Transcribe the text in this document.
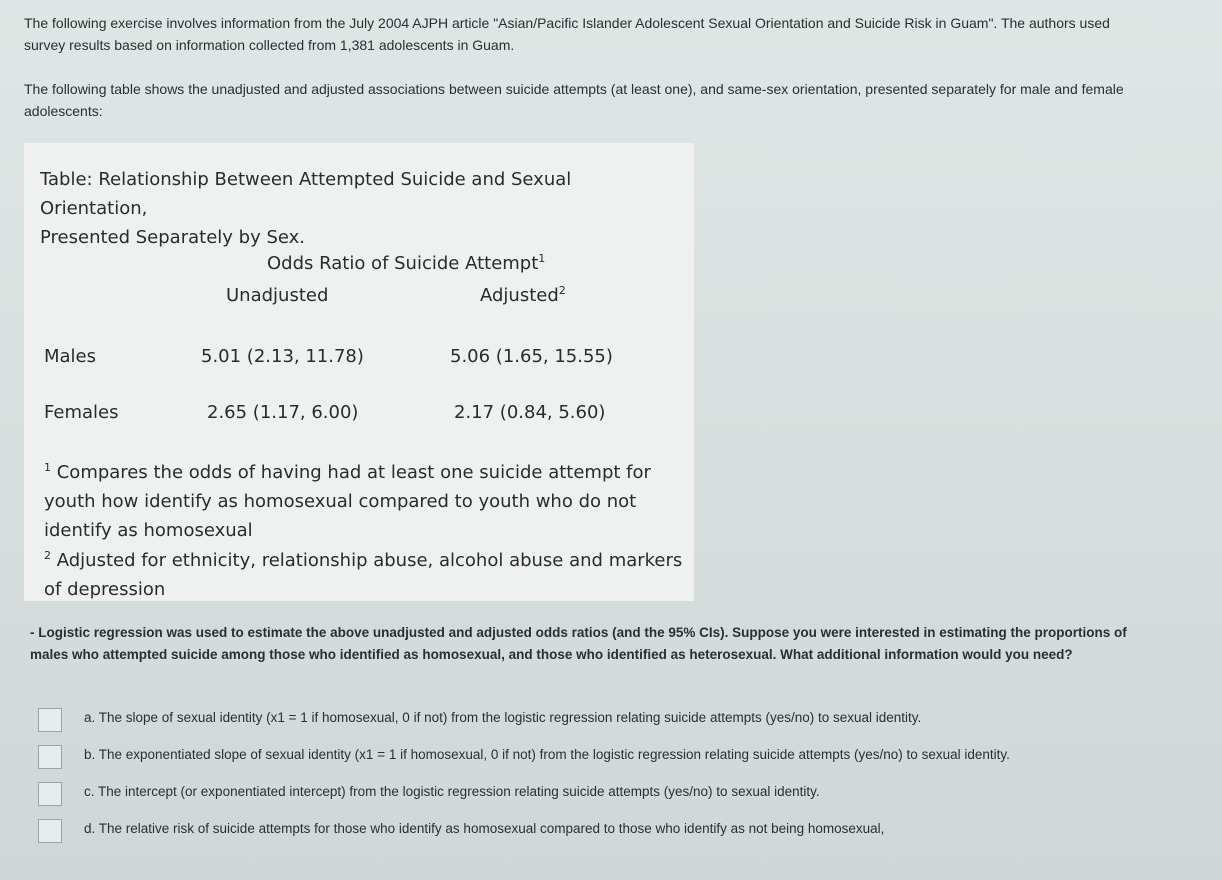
The following exercise involves information from the July 2004 AJPH article "Asian/Pacific Islander Adolescent Sexual Orientation and Suicide Risk in Guam". The authors used survey results based on information collected from 1,381 adolescents in Guam.

The following table shows the unadjusted and adjusted associations between suicide attempts (at least one), and same-sex orientation, presented separately for male and female adolescents:

Table: Relationship Between Attempted Suicide and Sexual Orientation,
Presented Separately by Sex.
Odds Ratio of Suicide Attempt$^1$
Unadjusted	Adjusted$^2$
Males	5.01 (2.13, 11.78)	5.06 (1.65, 15.55)
Females	2.65 (1.17, 6.00)	2.17 (0.84, 5.60)
$^1$ Compares the odds of having had at least one suicide attempt for youth how identify as homosexual compared to youth who do not identify as homosexual
$^2$ Adjusted for ethnicity, relationship abuse, alcohol abuse and markers of depression
- Logistic regression was used to estimate the above unadjusted and adjusted odds ratios (and the 95% CIs). Suppose you were interested in estimating the proportions of males who attempted suicide among those who identified as homosexual, and those who identified as heterosexual. What additional information would you need?
a. The slope of sexual identity (x1 = 1 if homosexual, 0 if not) from the logistic regression relating suicide attempts (yes/no) to sexual identity.
b. The exponentiated slope of sexual identity (x1 = 1 if homosexual, 0 if not) from the logistic regression relating suicide attempts (yes/no) to sexual identity.
c. The intercept (or exponentiated intercept) from the logistic regression relating suicide attempts (yes/no) to sexual identity.
d. The relative risk of suicide attempts for those who identify as homosexual compared to those who identify as not being homosexual,
